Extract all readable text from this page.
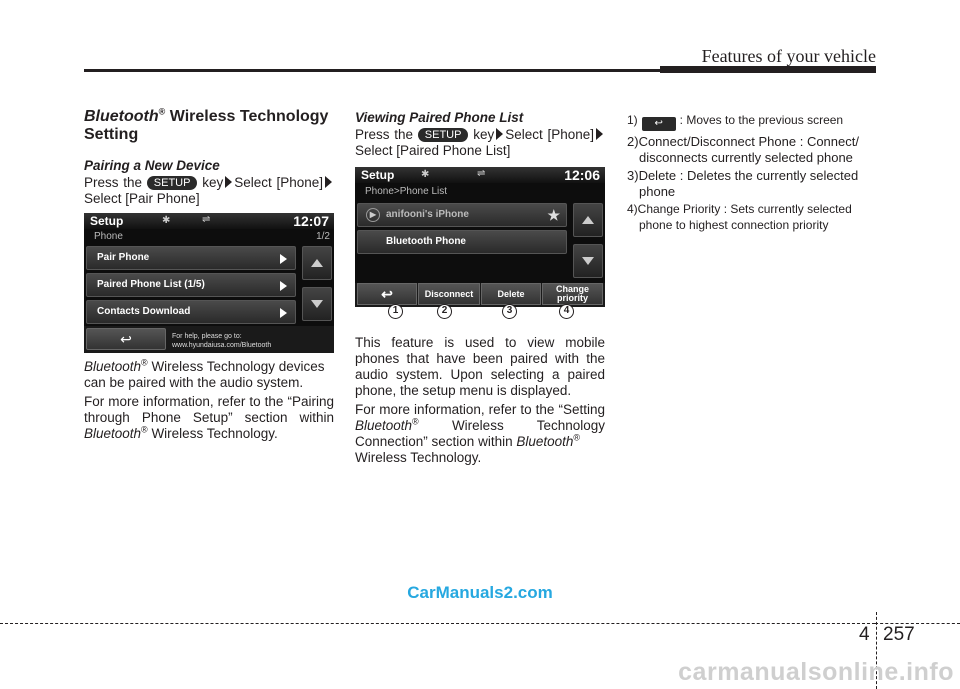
Features of your vehicle
Bluetooth® Wireless Technology Setting
Pairing a New Device

Press the SETUP key Select [Phone]Select [Pair Phone]

Setup	✱	⇌	12:07
Phone	1/2
Pair Phone
Paired Phone List (1/5)
Contacts Download
↩	For help, please go to:
www.hyundaiusa.com/Bluetooth

Bluetooth® Wireless Technology devices can be paired with the audio system.

For more information, refer to the “Pairing through Phone Setup” section within Bluetooth® Wireless Technology.

Viewing Paired Phone List

Press the SETUP key Select [Phone]Select [Paired Phone List]

Setup	✱	⇌	12:06
Phone>Phone List
▶ anifooni's iPhone	★
Bluetooth Phone
↩	Disconnect	Delete	Change priority

This feature is used to view mobile phones that have been paired with the audio system. Upon selecting a paired phone, the setup menu is displayed.

For more information, refer to the “Setting Bluetooth® Wireless Technology Connection” section within Bluetooth®
Wireless Technology.

1	2	3	4
1) ↩ : Moves to the previous screen
2)Connect/Disconnect Phone : Connect/ disconnects currently selected phone
3)Delete : Deletes the currently selected phone
4)Change Priority : Sets currently selected phone to highest connection priority
CarManuals2.com
4 257
carmanualsonline.info
